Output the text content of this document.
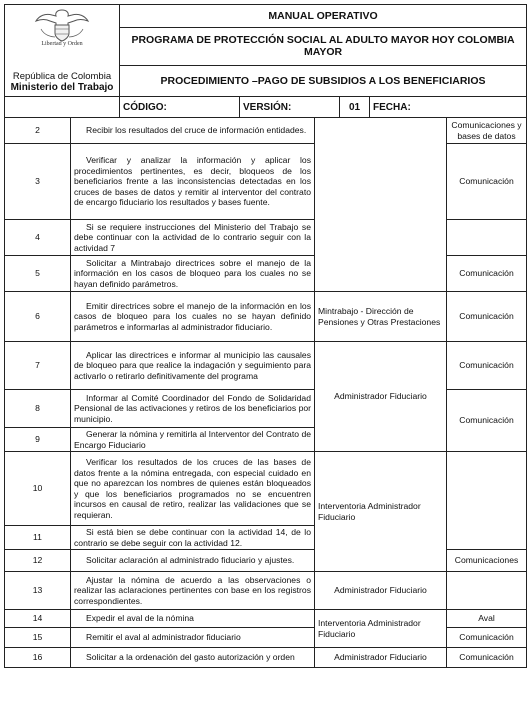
Libertad y Orden
República de Colombia
Ministerio del Trabajo	MANUAL OPERATIVO			
	PROGRAMA DE PROTECCIÓN SOCIAL AL ADULTO MAYOR HOY COLOMBIA MAYOR			
	PROCEDIMIENTO –PAGO DE SUBSIDIOS A LOS BENEFICIARIOS			
	CÓDIGO:	VERSIÓN:	01	FECHA:
2	Recibir los resultados del cruce de información entidades.		Comunicaciones y bases de datos
3	Verificar y analizar la información y aplicar los procedimientos pertinentes, es decir, bloqueos de los beneficiarios frente a las inconsistencias detectadas en los cruces de bases de datos y remitir al interventor del contrato de encargo fiduciario los resultados y bases fuente.		Comunicación
4	Si se requiere instrucciones del Ministerio del Trabajo se debe continuar con la actividad de lo contrario seguir con la actividad 7		

5	Solicitar a Mintrabajo directrices sobre el manejo de la información en los casos de bloqueo para los cuales no se hayan definido parámetros.		Comunicación
6	Emitir directrices sobre el manejo de la información en los casos de bloqueo para los cuales no se hayan definido parámetros e informarlas al administrador fiduciario.	Mintrabajo - Dirección de Pensiones y Otras Prestaciones	Comunicación
7	Aplicar las directrices e informar al municipio las causales de bloqueo para que realice la indagación y seguimiento para activarlo o retirarlo definitivamente del programa	Administrador Fiduciario	Comunicación
8	Informar al Comité Coordinador del Fondo de Solidaridad Pensional de las activaciones y retiros de los beneficiarios por municipio.		Comunicación
9	Generar la nómina y remitirla al Interventor del Contrato de Encargo Fiduciario		

10	Verificar los resultados de los cruces de las bases de datos frente a la nómina entregada, con especial cuidado en que no aparezcan los nombres de quienes están bloqueados y que los beneficiarios programados no se encuentren incursos en causal de retiro, realizar las validaciones que se requieran.	Interventoria Administrador Fiduciario	
11	Si está bien se debe continuar con la actividad 14, de lo contrario se debe seguir con la actividad 12.		

12	Solicitar aclaración al administrado fiduciario y ajustes.		Comunicaciones
13	Ajustar la nómina de acuerdo a las observaciones o realizar las aclaraciones pertinentes con base en los registros correspondientes.	Administrador Fiduciario	
14	Expedir el aval de la nómina	Interventoria Administrador Fiduciario	Aval
15	Remitir el aval al administrador fiduciario		Comunicación
16	Solicitar a la ordenación del gasto autorización y orden	Administrador Fiduciario	Comunicación
